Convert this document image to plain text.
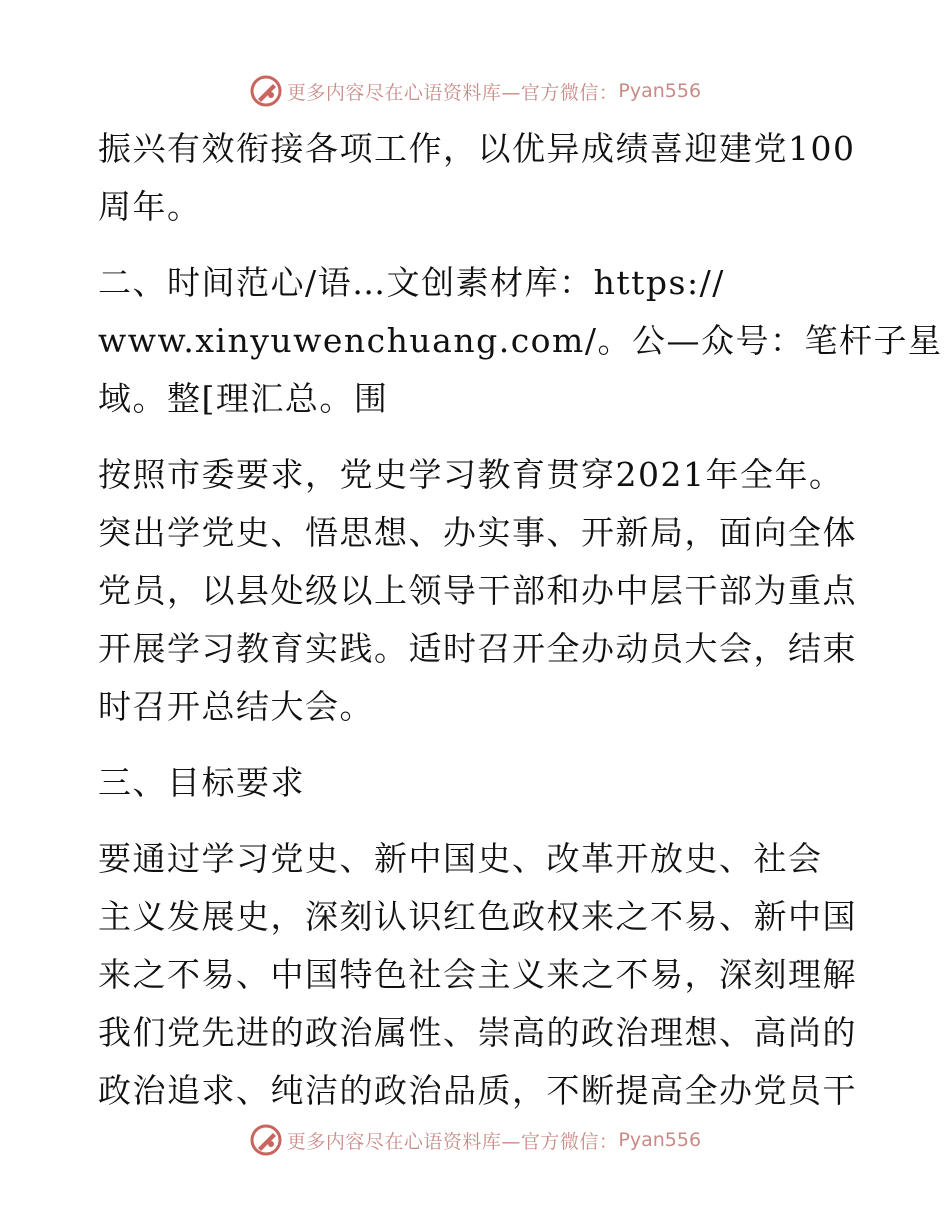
更多内容尽在心语资料库—官方微信： Pyan556
振兴有效衔接各项工作，以优异成绩喜迎建党100
周年。
二、时间范心/语…文创素材库：https://
www.xinyuwenchuang.com/。公—众号：笔杆子星
域。整[理汇总。围
按照市委要求，党史学习教育贯穿2021年全年。
突出学党史、悟思想、办实事、开新局，面向全体
党员，以县处级以上领导干部和办中层干部为重点
开展学习教育实践。适时召开全办动员大会，结束
时召开总结大会。
三、目标要求
要通过学习党史、新中国史、改革开放史、社会
主义发展史，深刻认识红色政权来之不易、新中国
来之不易、中国特色社会主义来之不易，深刻理解
我们党先进的政治属性、崇高的政治理想、高尚的
政治追求、纯洁的政治品质，不断提高全办党员干
更多内容尽在心语资料库—官方微信： Pyan556
